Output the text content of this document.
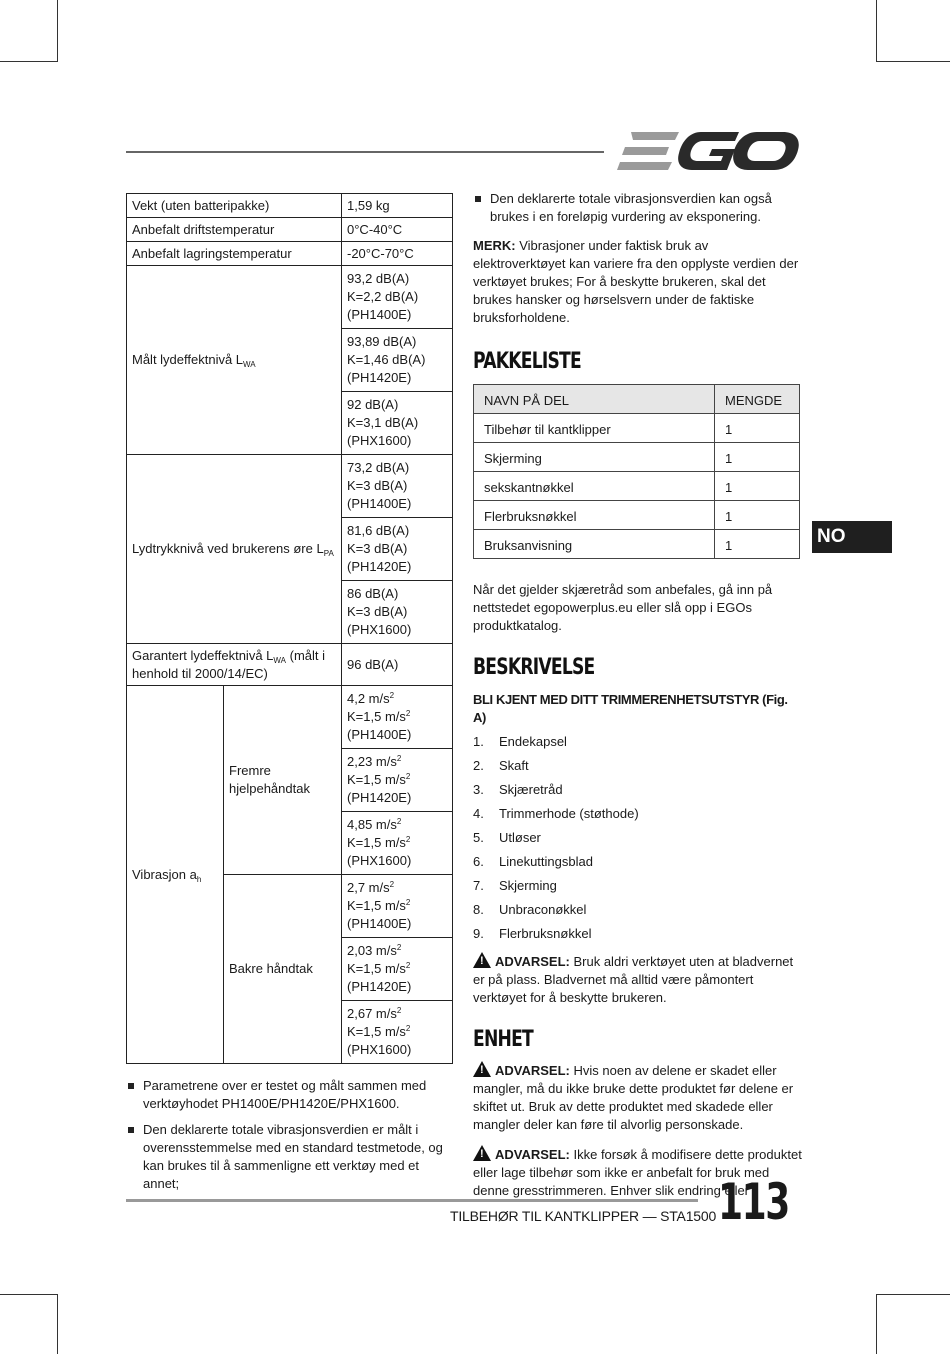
Vekt (uten batteripakke)		1,59 kg
Anbefalt driftstemperatur		0°C-40°C
Anbefalt lagringstemperatur		-20°C-70°C
Målt lydeffektnivå $L_{WA}$		93,2 dB(A)
K=2,2 dB(A)
(PH1400E)
		93,89 dB(A)
K=1,46 dB(A)
(PH1420E)
		92 dB(A)
K=3,1 dB(A)
(PHX1600)
Lydtrykknivå ved brukerens øre $L_{PA}$		73,2 dB(A)
K=3 dB(A)
(PH1400E)
		81,6 dB(A)
K=3 dB(A)
(PH1420E)
		86 dB(A)
K=3 dB(A)
(PHX1600)
Garantert lydeffektnivå $L_{WA}$ (målt i henhold til 2000/14/EC)		96 dB(A)
Vibrasjon $a_h$	Fremre hjelpehåndtak	4,2 $m/s^2$
K=1,5 $m/s^2$
(PH1400E)
		2,23 $m/s^2$
K=1,5 $m/s^2$
(PH1420E)
		4,85 $m/s^2$
K=1,5 $m/s^2$
(PHX1600)
	Bakre håndtak	2,7 $m/s^2$
K=1,5 $m/s^2$
(PH1400E)
		2,03 $m/s^2$
K=1,5 $m/s^2$
(PH1420E)
		2,67 $m/s^2$
K=1,5 $m/s^2$
(PHX1600)
Parametrene over er testet og målt sammen med verktøyhodet PH1400E/PH1420E/PHX1600.
Den deklarerte totale vibrasjonsverdien er målt i overensstemmelse med en standard testmetode, og kan brukes til å sammenligne ett verktøy med et annet;
Den deklarerte totale vibrasjonsverdien kan også brukes i en foreløpig vurdering av eksponering.

MERK: Vibrasjoner under faktisk bruk av elektroverktøyet kan variere fra den opplyste verdien der verktøyet brukes; For å beskytte brukeren, skal det brukes hansker og hørselsvern under de faktiske bruksforholdene.

PAKKELISTE
NAVN PÅ DEL	MENGDE
Tilbehør til kantklipper	1
Skjerming	1
sekskantnøkkel	1
Flerbruksnøkkel	1
Bruksanvisning	1

Når det gjelder skjæretråd som anbefales, gå inn på nettstedet egopowerplus.eu eller slå opp i EGOs produktkatalog.

BESKRIVELSE
BLI KJENT MED DITT TRIMMERENHETSUTSTYR (Fig. A)
1.	Endekapsel
2.	Skaft
3.	Skjæretråd
4.	Trimmerhode (støthode)
5.	Utløser
6.	Linekuttingsblad
7.	Skjerming
8.	Unbraconøkkel
9.	Flerbruksnøkkel

!ADVARSEL: Bruk aldri verktøyet uten at bladvernet er på plass. Bladvernet må alltid være påmontert verktøyet for å beskytte brukeren.

ENHET

!ADVARSEL: Hvis noen av delene er skadet eller mangler, må du ikke bruke dette produktet før delene er skiftet ut. Bruk av dette produktet med skadede eller mangler deler kan føre til alvorlig personskade.

!ADVARSEL: Ikke forsøk å modifisere dette produktet eller lage tilbehør som ikke er anbefalt for bruk med denne gresstrimmeren. Enhver slik endring eller

NO
TILBEHØR TIL KANTKLIPPER — STA1500 113
